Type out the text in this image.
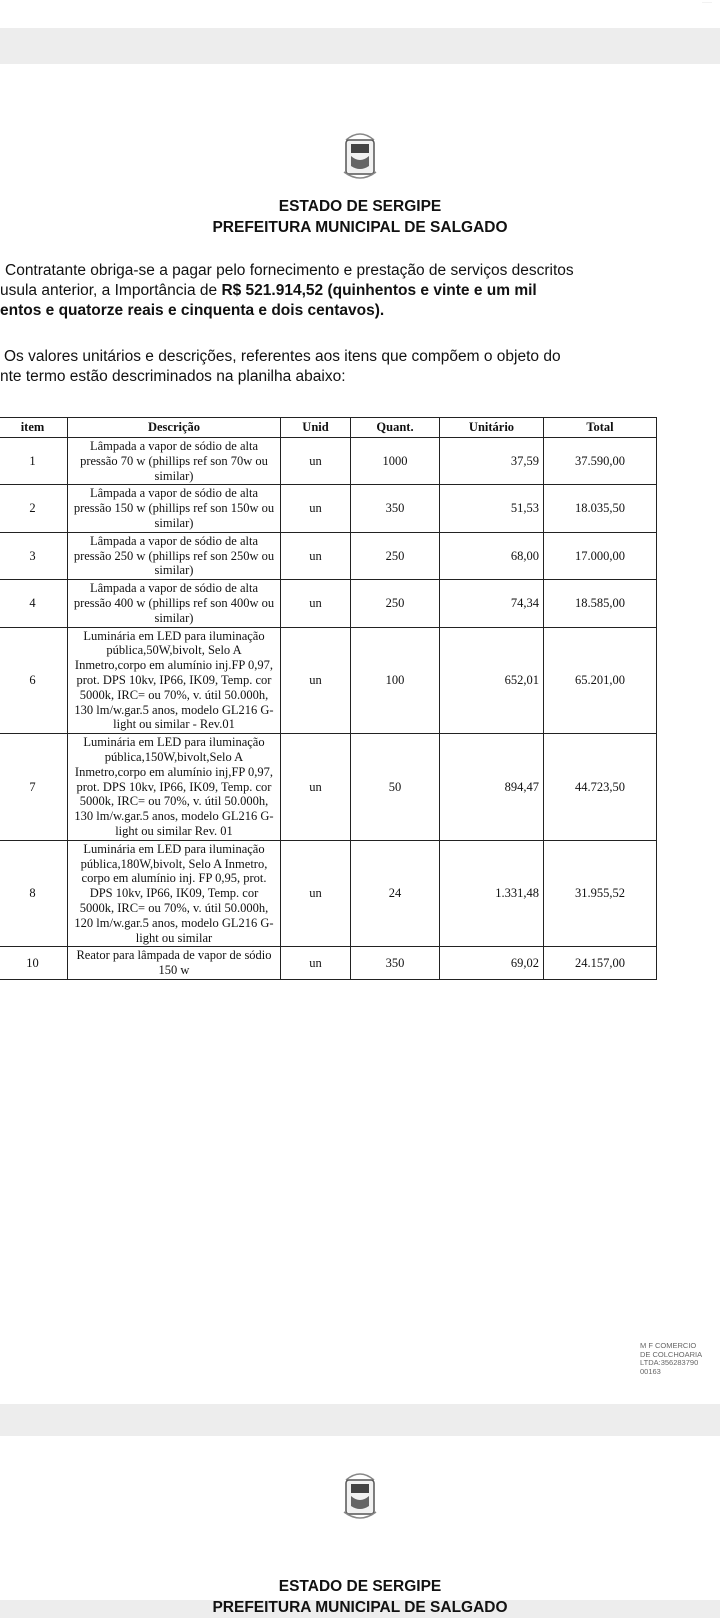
·····
ESTADO DE SERGIPE
PREFEITURA MUNICIPAL DE SALGADO
Contratante obriga-se a pagar pelo fornecimento e prestação de serviços descritos
usula anterior, a Importância de R$ 521.914,52 (quinhentos e vinte e um mil
entos e quatorze reais e cinquenta e dois centavos).
Os valores unitários e descrições, referentes aos itens que compõem o objeto do
nte termo estão descriminados na planilha abaixo:
item	Descrição	Unid	Quant.	Unitário	Total
1	Lâmpada a vapor de sódio de alta pressão 70 w (phillips ref son 70w ou similar)	un	1000	37,59	37.590,00
2	Lâmpada a vapor de sódio de alta pressão 150 w (phillips ref son 150w ou similar)	un	350	51,53	18.035,50
3	Lâmpada a vapor de sódio de alta pressão 250 w (phillips ref son 250w ou similar)	un	250	68,00	17.000,00
4	Lâmpada a vapor de sódio de alta pressão 400 w (phillips ref son 400w ou similar)	un	250	74,34	18.585,00
6	Luminária em LED para iluminação pública,50W,bivolt, Selo A Inmetro,corpo em alumínio inj.FP 0,97, prot. DPS 10kv, IP66, IK09, Temp. cor 5000k, IRC= ou 70%, v. útil 50.000h, 130 lm/w.gar.5 anos, modelo GL216 G-light ou similar - Rev.01	un	100	652,01	65.201,00
7	Luminária em LED para iluminação pública,150W,bivolt,Selo A Inmetro,corpo em alumínio inj,FP 0,97, prot. DPS 10kv, IP66, IK09, Temp. cor 5000k, IRC= ou 70%, v. útil 50.000h, 130 lm/w.gar.5 anos, modelo GL216 G-light ou similar Rev. 01	un	50	894,47	44.723,50
8	Luminária em LED para iluminação pública,180W,bivolt, Selo A Inmetro, corpo em alumínio inj. FP 0,95, prot. DPS 10kv, IP66, IK09, Temp. cor 5000k, IRC= ou 70%, v. útil 50.000h, 120 lm/w.gar.5 anos, modelo GL216 G-light ou similar	un	24	1.331,48	31.955,52
10	Reator para lâmpada de vapor de sódio 150 w	un	350	69,02	24.157,00
M F COMERCIO
DE COLCHOARIA
LTDA:356283790
00163
ESTADO DE SERGIPE
PREFEITURA MUNICIPAL DE SALGADO
